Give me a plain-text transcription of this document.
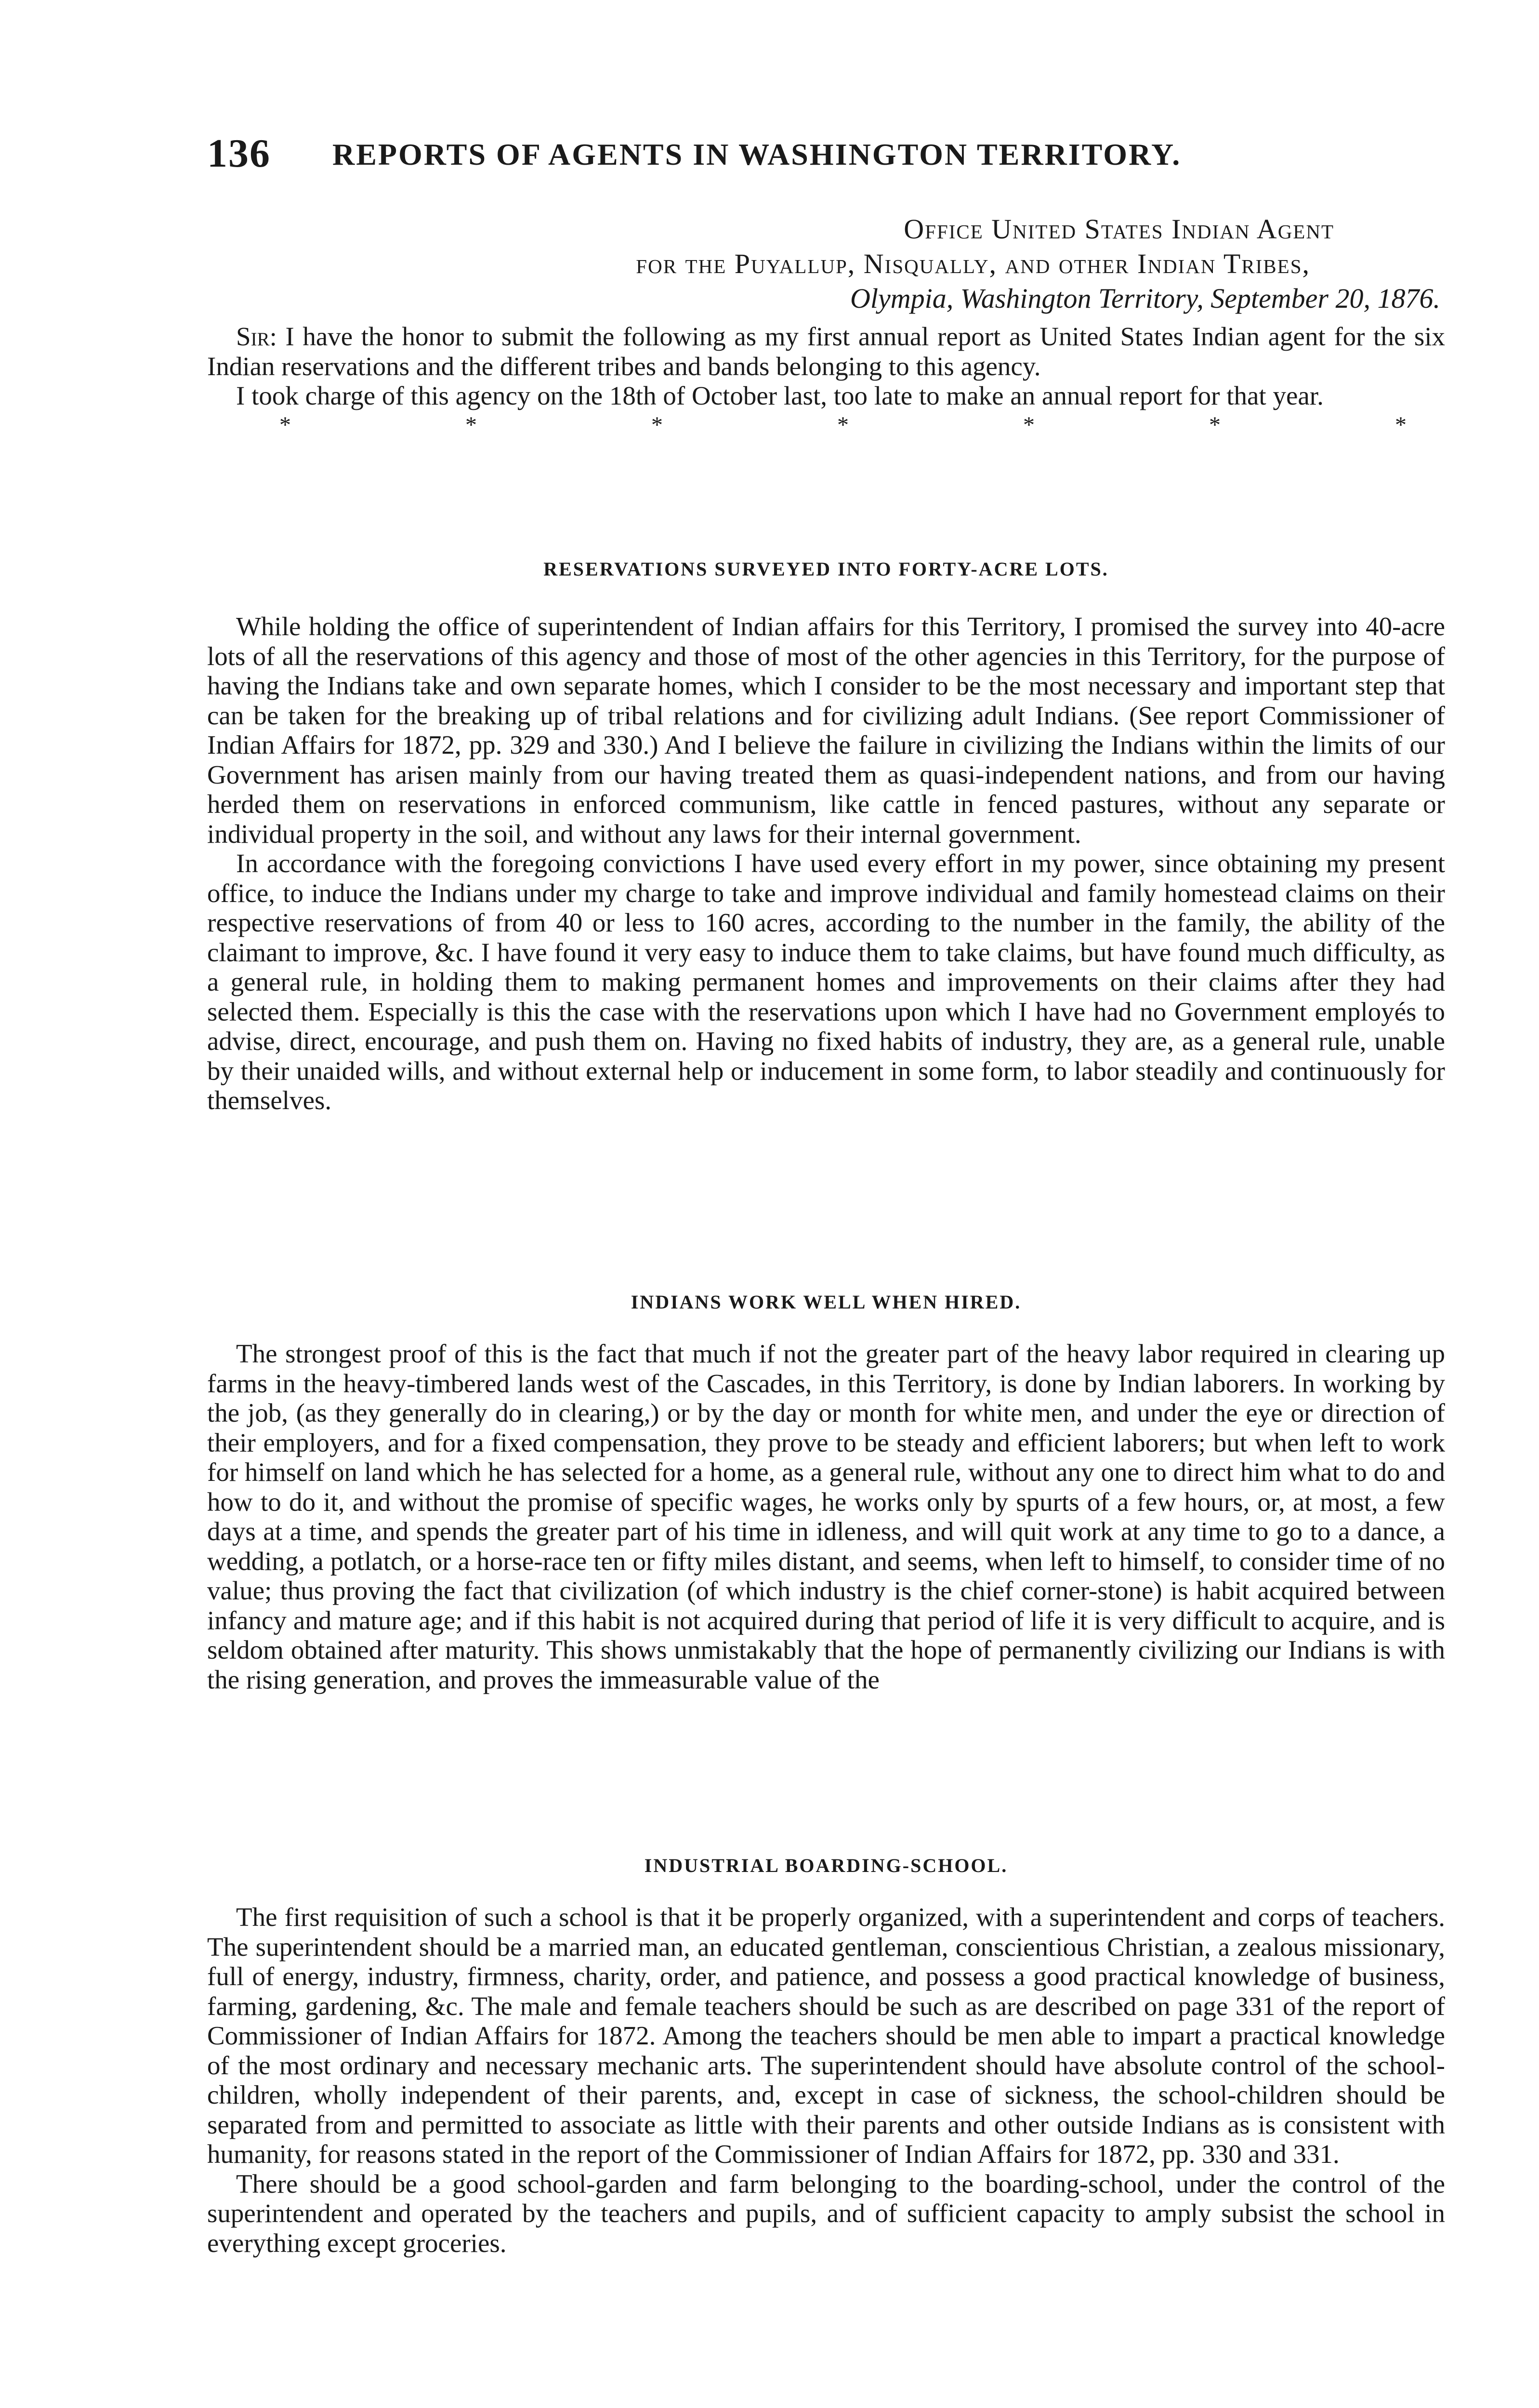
136 REPORTS OF AGENTS IN WASHINGTON TERRITORY.
Office United States Indian Agent
for the Puyallup, Nisqually, and other Indian Tribes,
Olympia, Washington Territory, September 20, 1876.

Sir: I have the honor to submit the following as my first annual report as United States Indian agent for the six Indian reservations and the different tribes and bands belonging to this agency.

I took charge of this agency on the 18th of October last, too late to make an annual report for that year.

*	*	*	*	*	*	*
RESERVATIONS SURVEYED INTO FORTY-ACRE LOTS.

While holding the office of superintendent of Indian affairs for this Territory, I promised the survey into 40-acre lots of all the reservations of this agency and those of most of the other agencies in this Territory, for the purpose of having the Indians take and own separate homes, which I consider to be the most necessary and important step that can be taken for the breaking up of tribal relations and for civilizing adult Indians. (See report Commissioner of Indian Affairs for 1872, pp. 329 and 330.) And I believe the failure in civilizing the Indians within the limits of our Government has arisen mainly from our having treated them as quasi-independent nations, and from our having herded them on reservations in enforced communism, like cattle in fenced pastures, without any separate or individual property in the soil, and without any laws for their internal government.

In accordance with the foregoing convictions I have used every effort in my power, since obtaining my present office, to induce the Indians under my charge to take and improve individual and family homestead claims on their respective reservations of from 40 or less to 160 acres, according to the number in the family, the ability of the claimant to improve, &c. I have found it very easy to induce them to take claims, but have found much difficulty, as a general rule, in holding them to making permanent homes and improvements on their claims after they had selected them. Especially is this the case with the reservations upon which I have had no Government employés to advise, direct, encourage, and push them on. Having no fixed habits of industry, they are, as a general rule, unable by their unaided wills, and without external help or inducement in some form, to labor steadily and continuously for themselves.

INDIANS WORK WELL WHEN HIRED.

The strongest proof of this is the fact that much if not the greater part of the heavy labor required in clearing up farms in the heavy-timbered lands west of the Cascades, in this Territory, is done by Indian laborers. In working by the job, (as they generally do in clearing,) or by the day or month for white men, and under the eye or direction of their employers, and for a fixed compensation, they prove to be steady and efficient laborers; but when left to work for himself on land which he has selected for a home, as a general rule, without any one to direct him what to do and how to do it, and without the promise of specific wages, he works only by spurts of a few hours, or, at most, a few days at a time, and spends the greater part of his time in idleness, and will quit work at any time to go to a dance, a wedding, a potlatch, or a horse-race ten or fifty miles distant, and seems, when left to himself, to consider time of no value; thus proving the fact that civilization (of which industry is the chief corner-stone) is habit acquired between infancy and mature age; and if this habit is not acquired during that period of life it is very difficult to acquire, and is seldom obtained after maturity. This shows unmistakably that the hope of permanently civilizing our Indians is with the rising generation, and proves the immeasurable value of the

INDUSTRIAL BOARDING-SCHOOL.

The first requisition of such a school is that it be properly organized, with a superintendent and corps of teachers. The superintendent should be a married man, an educated gentleman, conscientious Christian, a zealous missionary, full of energy, industry, firmness, charity, order, and patience, and possess a good practical knowledge of business, farming, gardening, &c. The male and female teachers should be such as are described on page 331 of the report of Commissioner of Indian Affairs for 1872. Among the teachers should be men able to impart a practical knowledge of the most ordinary and necessary mechanic arts. The superintendent should have absolute control of the school-children, wholly independent of their parents, and, except in case of sickness, the school-children should be separated from and permitted to associate as little with their parents and other outside Indians as is consistent with humanity, for reasons stated in the report of the Commissioner of Indian Affairs for 1872, pp. 330 and 331.

There should be a good school-garden and farm belonging to the boarding-school, under the control of the superintendent and operated by the teachers and pupils, and of sufficient capacity to amply subsist the school in everything except groceries.
